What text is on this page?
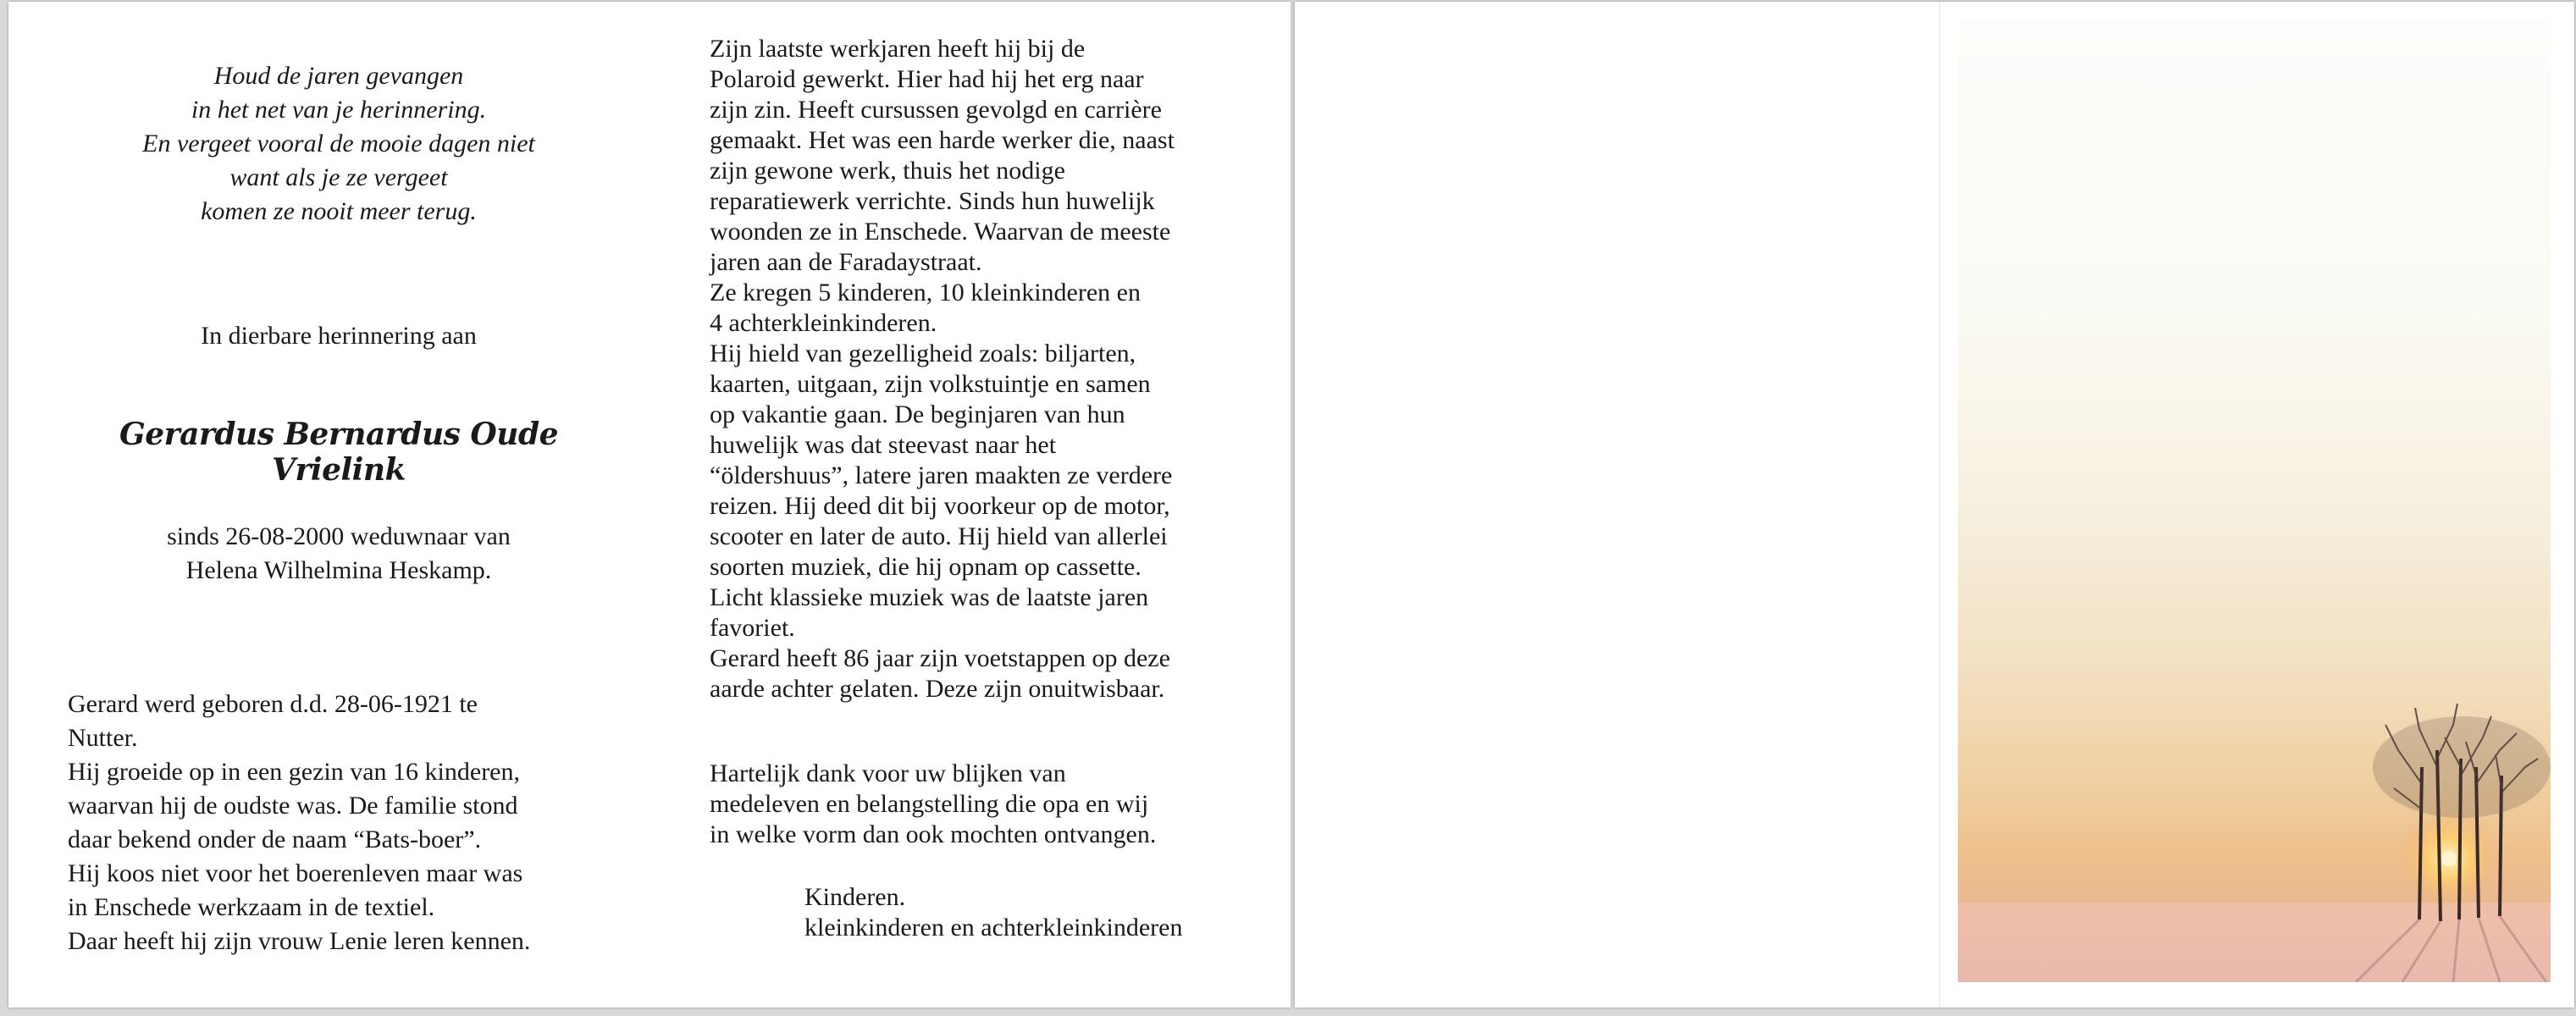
Houd de jaren gevangen
in het net van je herinnering.
En vergeet vooral de mooie dagen niet
want als je ze vergeet
komen ze nooit meer terug.
In dierbare herinnering aan
Gerardus Bernardus Oude Vrielink
sinds 26-08-2000 weduwnaar van
Helena Wilhelmina Heskamp.
Gerard werd geboren d.d. 28-06-1921 te
Nutter.
Hij groeide op in een gezin van 16 kinderen,
waarvan hij de oudste was. De familie stond
daar bekend onder de naam “Bats-boer”.
Hij koos niet voor het boerenleven maar was
in Enschede werkzaam in de textiel.
Daar heeft hij zijn vrouw Lenie leren kennen.
Zijn laatste werkjaren heeft hij bij de
Polaroid gewerkt. Hier had hij het erg naar
zijn zin. Heeft cursussen gevolgd en carrière
gemaakt. Het was een harde werker die, naast
zijn gewone werk, thuis het nodige
reparatiewerk verrichte. Sinds hun huwelijk
woonden ze in Enschede. Waarvan de meeste
jaren aan de Faradaystraat.
Ze kregen 5 kinderen, 10 kleinkinderen en
4 achterkleinkinderen.
Hij hield van gezelligheid zoals: biljarten,
kaarten, uitgaan, zijn volkstuintje en samen
op vakantie gaan. De beginjaren van hun
huwelijk was dat steevast naar het
“öldershuus”, latere jaren maakten ze verdere
reizen. Hij deed dit bij voorkeur op de motor,
scooter en later de auto. Hij hield van allerlei
soorten muziek, die hij opnam op cassette.
Licht klassieke muziek was de laatste jaren
favoriet.
Gerard heeft 86 jaar zijn voetstappen op deze
aarde achter gelaten. Deze zijn onuitwisbaar.
Hartelijk dank voor uw blijken van
medeleven en belangstelling die opa en wij
in welke vorm dan ook mochten ontvangen.
Kinderen.
kleinkinderen en achterkleinkinderen
